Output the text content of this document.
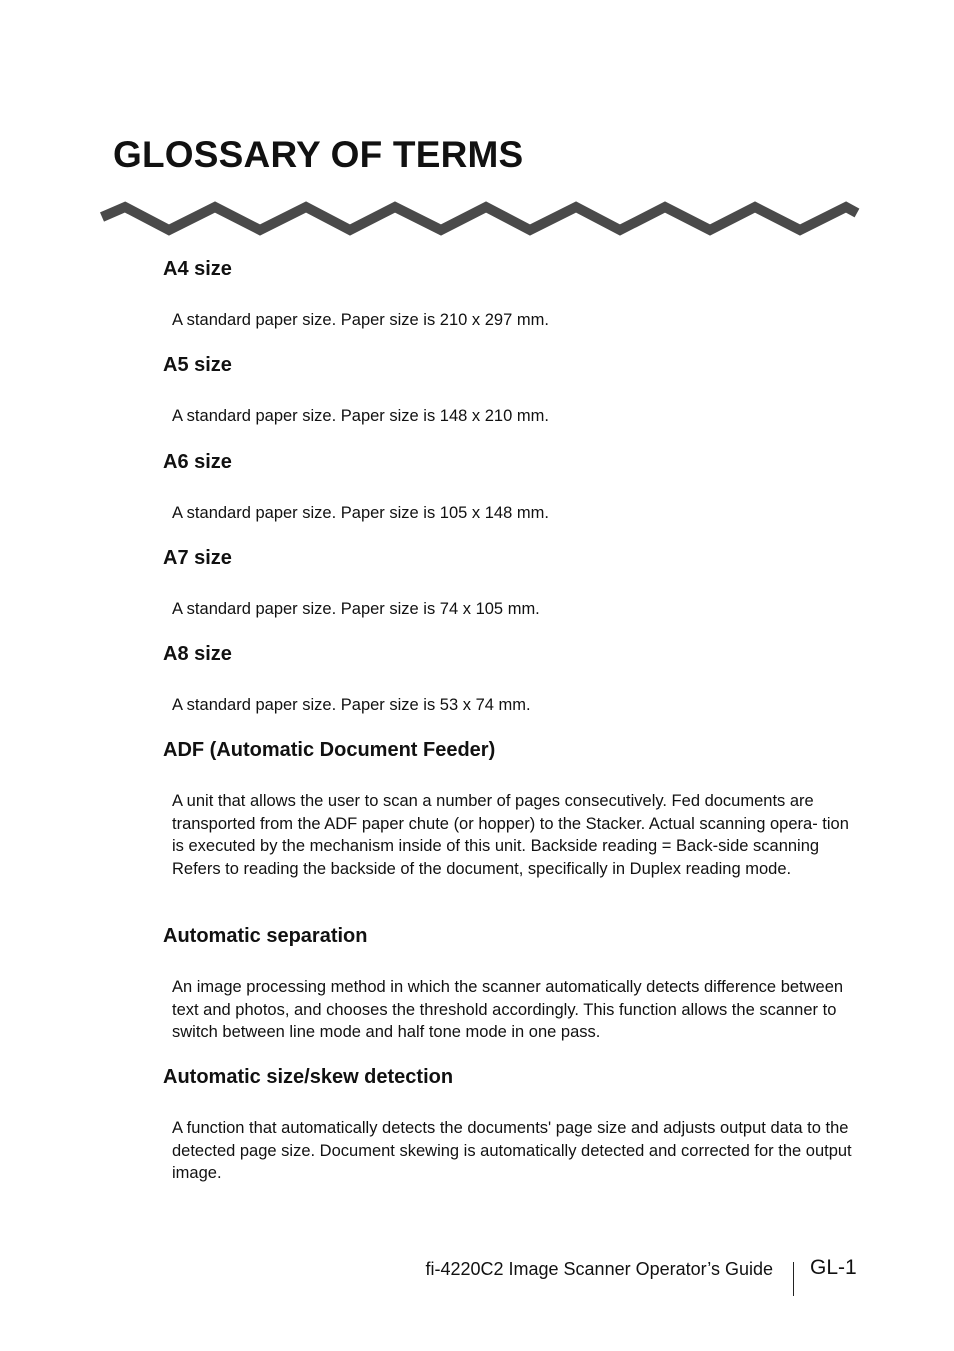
GLOSSARY OF TERMS
A4 size

A standard paper size. Paper size is 210 x 297 mm.

A5 size

A standard paper size. Paper size is 148 x 210 mm.

A6 size

A standard paper size. Paper size is 105 x 148 mm.

A7 size

A standard paper size. Paper size is 74 x 105 mm.

A8 size

A standard paper size. Paper size is 53 x 74 mm.

ADF (Automatic Document Feeder)

A unit that allows the user to scan a number of pages consecutively. Fed documents are transported from the ADF paper chute (or hopper) to the Stacker. Actual scanning opera- tion is executed by the mechanism inside of this unit. Backside reading = Back-side scanning Refers to reading the backside of the document, specifically in Duplex reading mode.

Automatic separation

An image processing method in which the scanner automatically detects difference between text and photos, and chooses the threshold accordingly. This function allows the scanner to switch between line mode and half tone mode in one pass.

Automatic size/skew detection

A function that automatically detects the documents' page size and adjusts output data to the detected page size. Document skewing is automatically detected and corrected for the output image.

fi-4220C2 Image Scanner Operator’s Guide GL-1
